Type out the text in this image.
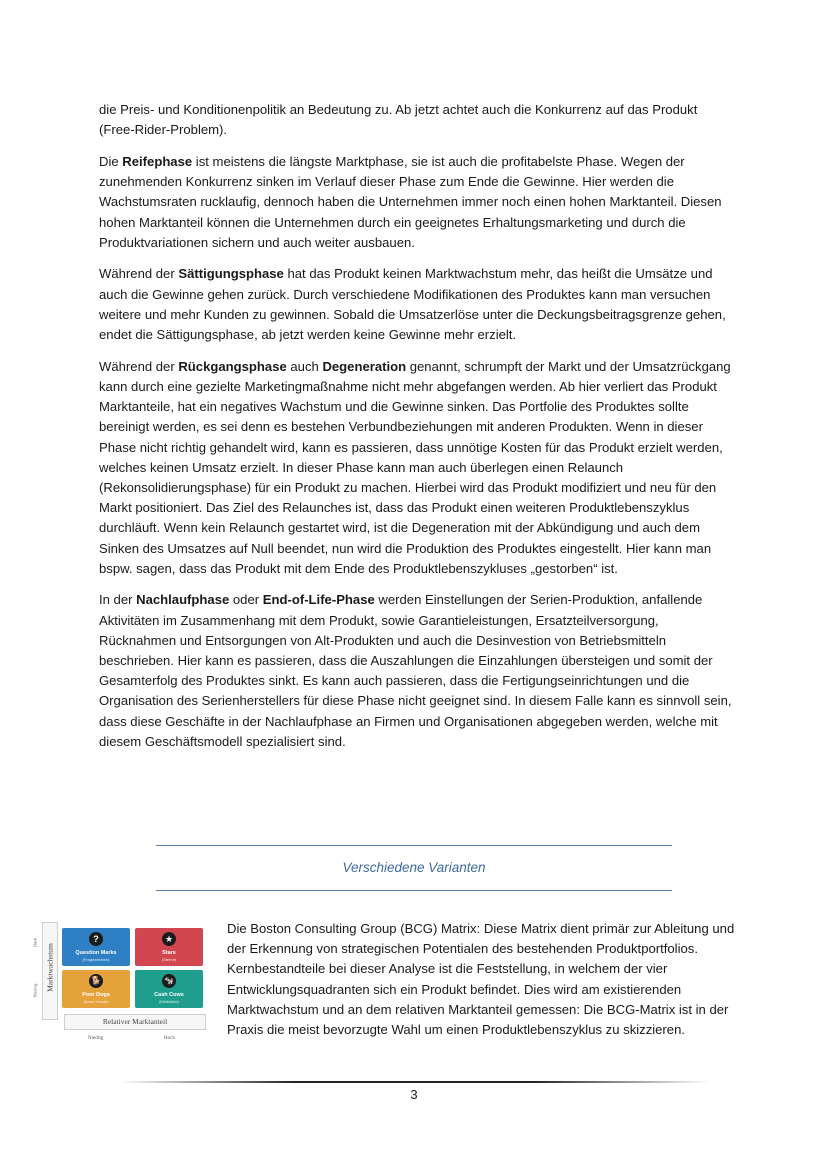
die Preis- und Konditionenpolitik an Bedeutung zu. Ab jetzt achtet auch die Konkurrenz auf das Produkt (Free-Rider-Problem).

Die Reifephase ist meistens die längste Marktphase, sie ist auch die profitabelste Phase. Wegen der zunehmenden Konkurrenz sinken im Verlauf dieser Phase zum Ende die Gewinne. Hier werden die Wachstumsraten rucklaufig, dennoch haben die Unternehmen immer noch einen hohen Marktanteil. Diesen hohen Marktanteil können die Unternehmen durch ein geeignetes Erhaltungsmarketing und durch die Produktvariationen sichern und auch weiter ausbauen.

Während der Sättigungsphase hat das Produkt keinen Marktwachstum mehr, das heißt die Umsätze und auch die Gewinne gehen zurück. Durch verschiedene Modifikationen des Produktes kann man versuchen weitere und mehr Kunden zu gewinnen. Sobald die Umsatzerlöse unter die Deckungsbeitragsgrenze gehen, endet die Sättigungsphase, ab jetzt werden keine Gewinne mehr erzielt.

Während der Rückgangsphase auch Degeneration genannt, schrumpft der Markt und der Umsatzrückgang kann durch eine gezielte Marketingmaßnahme nicht mehr abgefangen werden. Ab hier verliert das Produkt Marktanteile, hat ein negatives Wachstum und die Gewinne sinken. Das Portfolie des Produktes sollte bereinigt werden, es sei denn es bestehen Verbundbeziehungen mit anderen Produkten. Wenn in dieser Phase nicht richtig gehandelt wird, kann es passieren, dass unnötige Kosten für das Produkt erzielt werden, welches keinen Umsatz erzielt. In dieser Phase kann man auch überlegen einen Relaunch (Rekonsolidierungsphase) für ein Produkt zu machen. Hierbei wird das Produkt modifiziert und neu für den Markt positioniert. Das Ziel des Relaunches ist, dass das Produkt einen weiteren Produktlebenszyklus durchläuft. Wenn kein Relaunch gestartet wird, ist die Degeneration mit der Abkündigung und auch dem Sinken des Umsatzes auf Null beendet, nun wird die Produktion des Produktes eingestellt. Hier kann man bspw. sagen, dass das Produkt mit dem Ende des Produktlebenszykluses „gestorben“ ist.

In der Nachlaufphase oder End-of-Life-Phase werden Einstellungen der Serien-Produktion, anfallende Aktivitäten im Zusammenhang mit dem Produkt, sowie Garantieleistungen, Ersatzteilversorgung, Rücknahmen und Entsorgungen von Alt-Produkten und auch die Desinvestion von Betriebsmitteln beschrieben. Hier kann es passieren, dass die Auszahlungen die Einzahlungen übersteigen und somit der Gesamterfolg des Produktes sinkt. Es kann auch passieren, dass die Fertigungseinrichtungen und die Organisation des Serienherstellers für diese Phase nicht geeignet sind. In diesem Falle kann es sinnvoll sein, dass diese Geschäfte in der Nachlaufphase an Firmen und Organisationen abgegeben werden, welche mit diesem Geschäftsmodell spezialisiert sind.

Verschiedene Varianten
Marktwachstum
Hoch
Niedrig
?
Question Marks
(Fragezeichen)
★
Stars
(Sterne)
🐕
Poor Dogs
(Arme Hunde)
🐄
Cash Cows
(Melkkühe)
Relativer Marktanteil
Niedrig	Hoch
Die Boston Consulting Group (BCG) Matrix: Diese Matrix dient primär zur Ableitung und der Erkennung von strategischen Potentialen des bestehenden Produktportfolios. Kernbestandteile bei dieser Analyse ist die Feststellung, in welchem der vier Entwicklungsquadranten sich ein Produkt befindet. Dies wird am existierenden Marktwachstum und an dem relativen Marktanteil gemessen: Die BCG-Matrix ist in der Praxis die meist bevorzugte Wahl um einen Produktlebenszyklus zu skizzieren.
3
